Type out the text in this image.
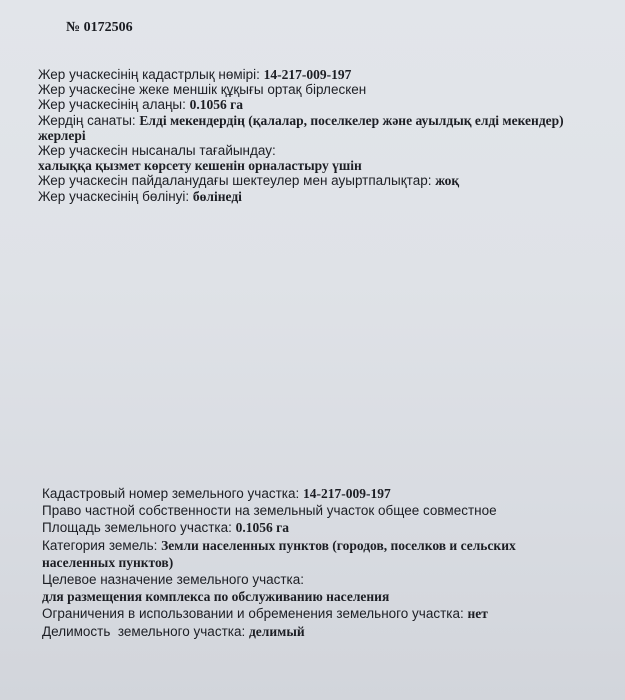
№ 0172506
Жер учаскесінің кадастрлық нөмірі: 14-217-009-197
Жер учаскесіне жеке меншік құқығы ортақ бірлескен
Жер учаскесінің алаңы: 0.1056 га
Жердің санаты: Елді мекендердің (қалалар, поселкелер және ауылдық елді мекендер) жерлері
Жер учаскесін нысаналы тағайындау:
халыққа қызмет көрсету кешенін орналастыру үшін
Жер учаскесін пайдаланудағы шектеулер мен ауыртпалықтар: жоқ
Жер учаскесінің бөлінуі: бөлінеді
Кадастровый номер земельного участка: 14-217-009-197
Право частной собственности на земельный участок общее совместное
Площадь земельного участка: 0.1056 га
Категория земель: Земли населенных пунктов (городов, поселков и сельских населенных пунктов)
Целевое назначение земельного участка:
для размещения комплекса по обслуживанию населения
Ограничения в использовании и обременения земельного участка: нет
Делимость  земельного участка: делимый
